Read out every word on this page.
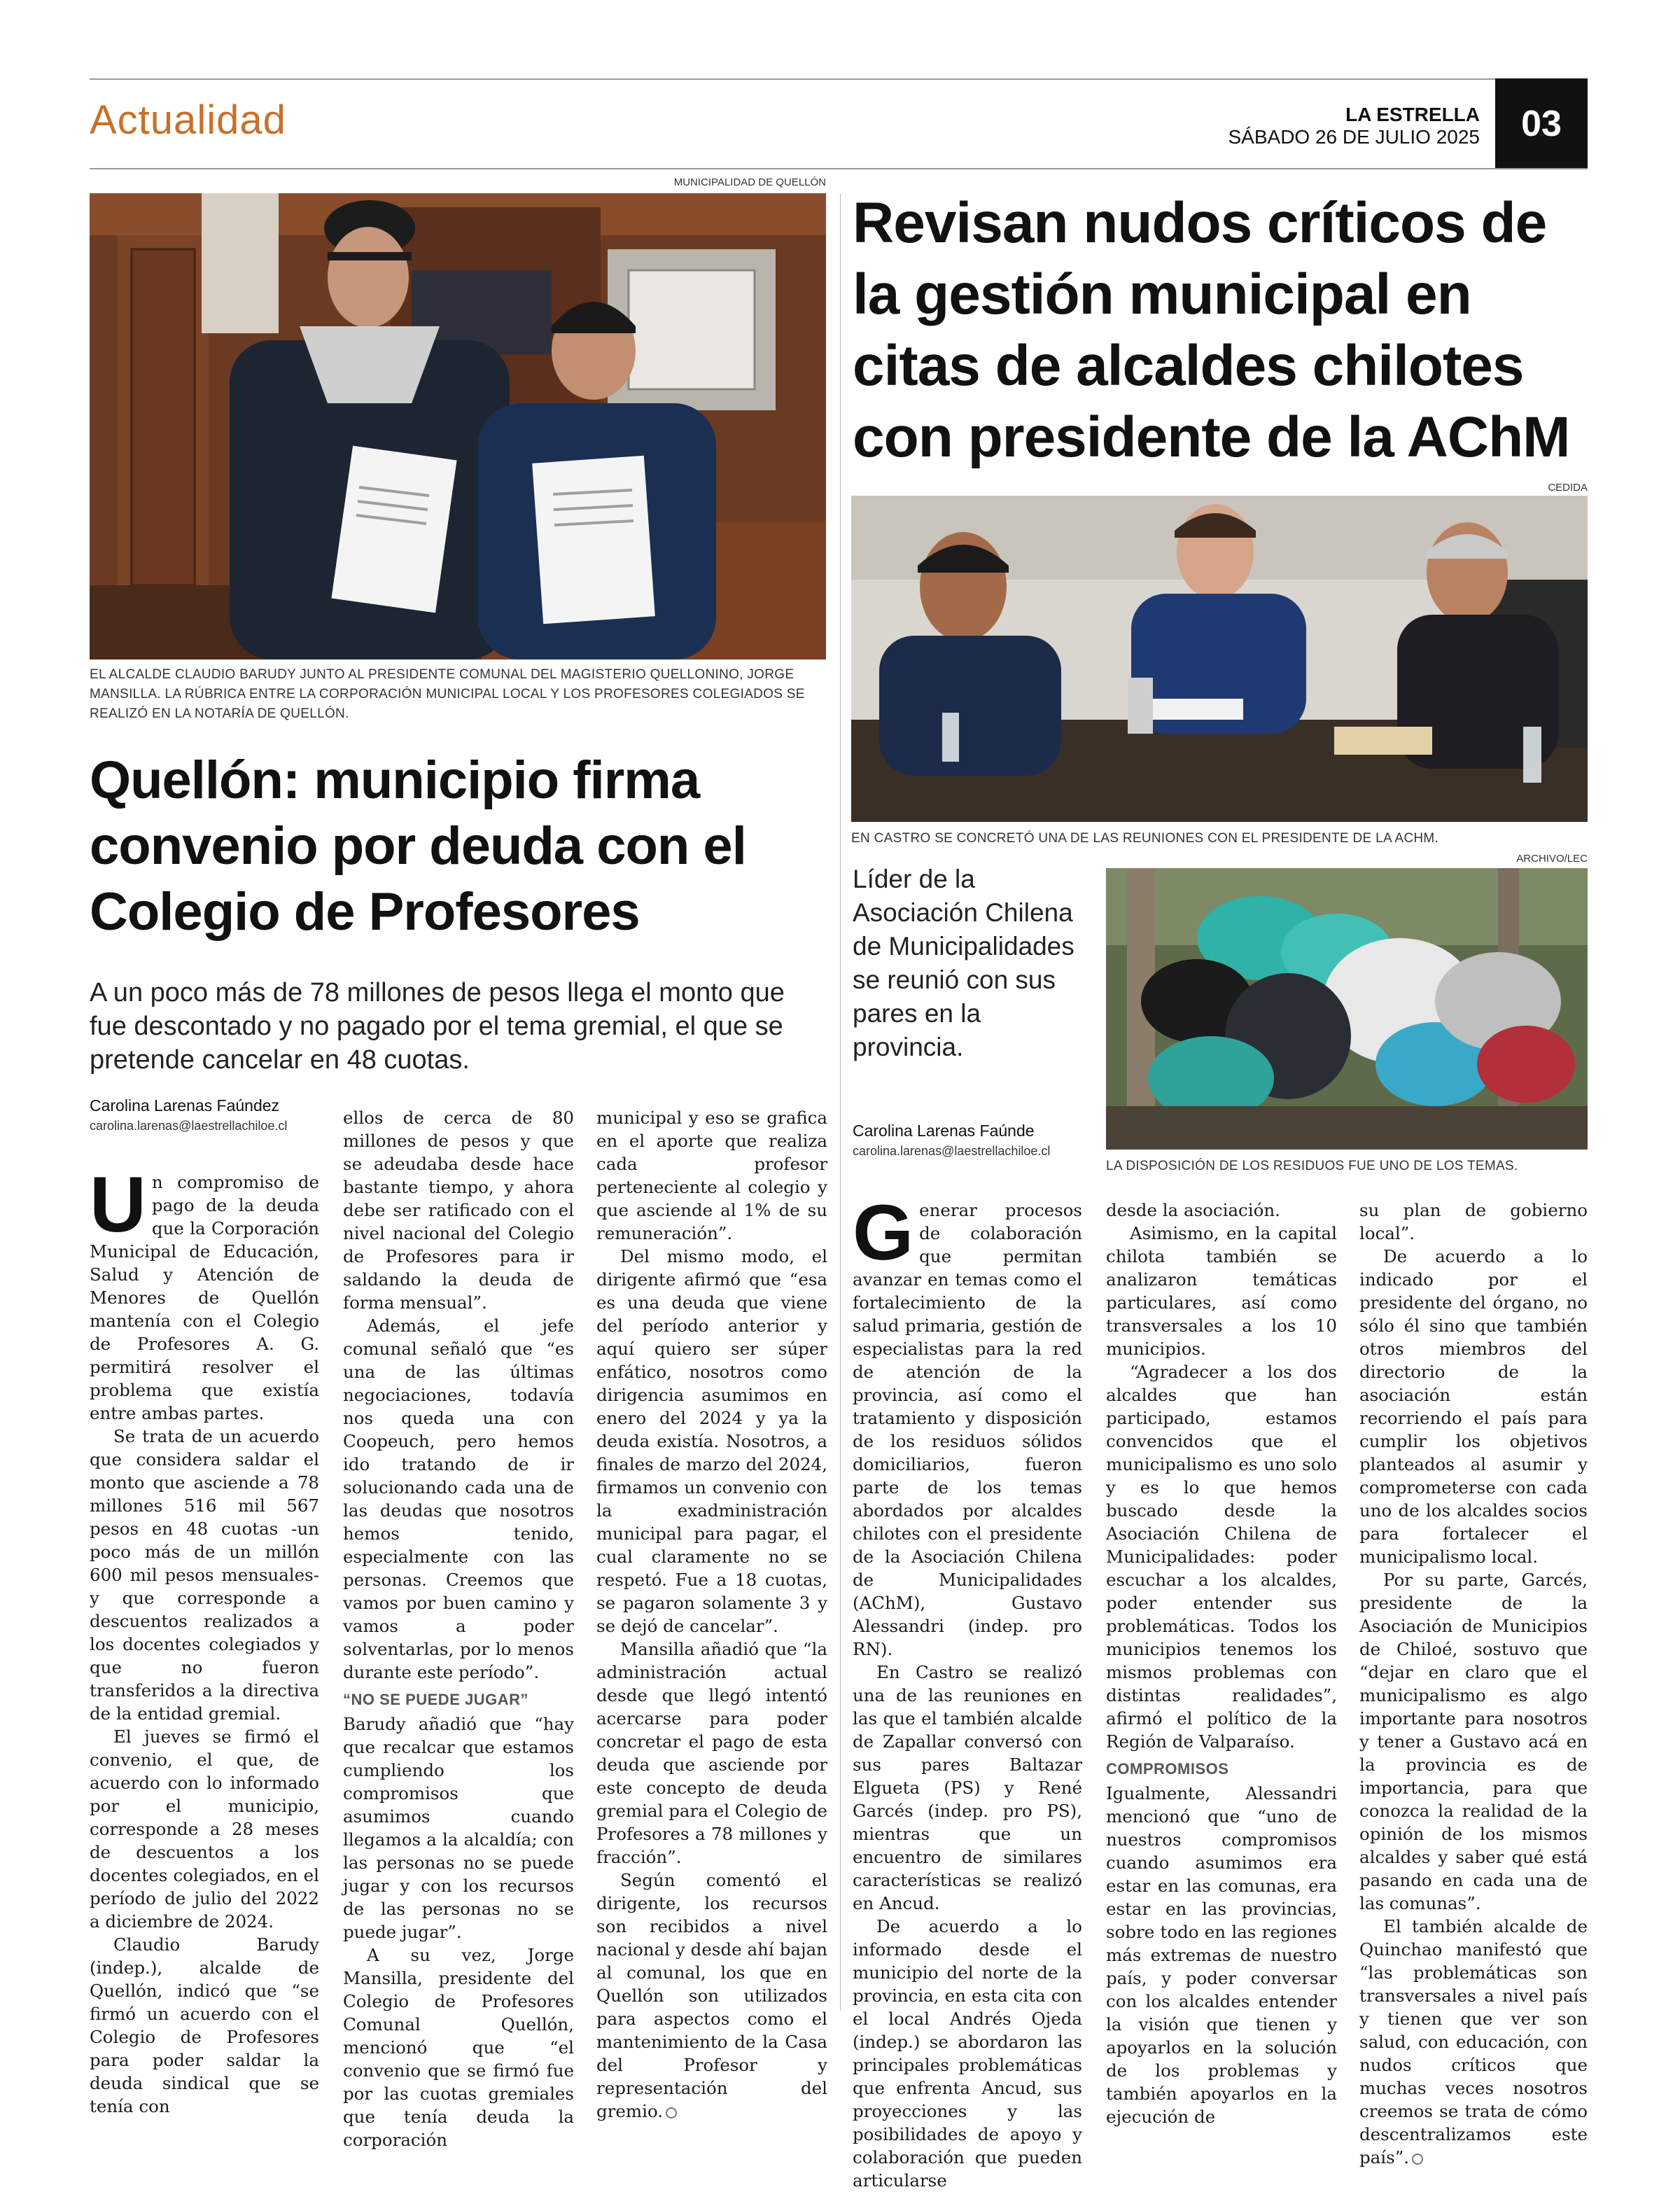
Actualidad	LA ESTRELLA
SÁBADO 26 DE JULIO 2025	03
MUNICIPALIDAD DE QUELLÓN
EL ALCALDE CLAUDIO BARUDY JUNTO AL PRESIDENTE COMUNAL DEL MAGISTERIO QUELLONINO, JORGE MANSILLA. LA RÚBRICA ENTRE LA CORPORACIÓN MUNICIPAL LOCAL Y LOS PROFESORES COLEGIADOS SE REALIZÓ EN LA NOTARÍA DE QUELLÓN.
Quellón: municipio firma convenio por deuda con el Colegio de Profesores
A un poco más de 78 millones de pesos llega el monto que fue descontado y no pagado por el tema gremial, el que se pretende cancelar en 48 cuotas.
Carolina Larenas Faúndez
carolina.larenas@laestrellachiloe.cl

Un compromiso de pago de la deuda que la Corporación Municipal de Educación, Salud y Atención de Menores de Quellón mantenía con el Colegio de Profesores A. G. permitirá resolver el problema que existía entre ambas partes.

Se trata de un acuerdo que considera saldar el monto que asciende a 78 millones 516 mil 567 pesos en 48 cuotas -un poco más de un millón 600 mil pesos mensuales- y que corresponde a descuentos realizados a los docentes colegiados y que no fueron transferidos a la directiva de la entidad gremial.

El jueves se firmó el convenio, el que, de acuerdo con lo informado por el municipio, corresponde a 28 meses de descuentos a los docentes colegiados, en el período de julio del 2022 a diciembre de 2024.

Claudio Barudy (indep.), alcalde de Quellón, indicó que “se firmó un acuerdo con el Colegio de Profesores para poder saldar la deuda sindical que se tenía con

ellos de cerca de 80 millones de pesos y que se adeudaba desde hace bastante tiempo, y ahora debe ser ratificado con el nivel nacional del Colegio de Profesores para ir saldando la deuda de forma mensual”.

Además, el jefe comunal señaló que “es una de las últimas negociaciones, todavía nos queda una con Coopeuch, pero hemos ido tratando de ir solucionando cada una de las deudas que nosotros hemos tenido, especialmente con las personas. Creemos que vamos por buen camino y vamos a poder solventarlas, por lo menos durante este período”.

“NO SE PUEDE JUGAR”

Barudy añadió que “hay que recalcar que estamos cumpliendo los compromisos que asumimos cuando llegamos a la alcaldía; con las personas no se puede jugar y con los recursos de las personas no se puede jugar”.

A su vez, Jorge Mansilla, presidente del Colegio de Profesores Comunal Quellón, mencionó que “el convenio que se firmó fue por las cuotas gremiales que tenía deuda la corporación

municipal y eso se grafica en el aporte que realiza cada profesor perteneciente al colegio y que asciende al 1% de su remuneración”.

Del mismo modo, el dirigente afirmó que “esa es una deuda que viene del período anterior y aquí quiero ser súper enfático, nosotros como dirigencia asumimos en enero del 2024 y ya la deuda existía. Nosotros, a finales de marzo del 2024, firmamos un convenio con la exadministración municipal para pagar, el cual claramente no se respetó. Fue a 18 cuotas, se pagaron solamente 3 y se dejó de cancelar”.

Mansilla añadió que “la administración actual desde que llegó intentó acercarse para poder concretar el pago de esta deuda que asciende por este concepto de deuda gremial para el Colegio de Profesores a 78 millones y fracción”.

Según comentó el dirigente, los recursos son recibidos a nivel nacional y desde ahí bajan al comunal, los que en Quellón son utilizados para aspectos como el mantenimiento de la Casa del Profesor y representación del gremio.

Revisan nudos críticos de la gestión municipal en citas de alcaldes chilotes con presidente de la AChM
CEDIDA
EN CASTRO SE CONCRETÓ UNA DE LAS REUNIONES CON EL PRESIDENTE DE LA ACHM.
ARCHIVO/LEC
Líder de la Asociación Chilena de Municipalidades se reunió con sus pares en la provincia.
LA DISPOSICIÓN DE LOS RESIDUOS FUE UNO DE LOS TEMAS.
Carolina Larenas Faúnde
carolina.larenas@laestrellachiloe.cl

Generar procesos de colaboración que permitan avanzar en temas como el fortalecimiento de la salud primaria, gestión de especialistas para la red de atención de la provincia, así como el tratamiento y disposición de los residuos sólidos domiciliarios, fueron parte de los temas abordados por alcaldes chilotes con el presidente de la Asociación Chilena de Municipalidades (AChM), Gustavo Alessandri (indep. pro RN).

En Castro se realizó una de las reuniones en las que el también alcalde de Zapallar conversó con sus pares Baltazar Elgueta (PS) y René Garcés (indep. pro PS), mientras que un encuentro de similares características se realizó en Ancud.

De acuerdo a lo informado desde el municipio del norte de la provincia, en esta cita con el local Andrés Ojeda (indep.) se abordaron las principales problemáticas que enfrenta Ancud, sus proyecciones y las posibilidades de apoyo y colaboración que pueden articularse

desde la asociación.

Asimismo, en la capital chilota también se analizaron temáticas particulares, así como transversales a los 10 municipios.

“Agradecer a los dos alcaldes que han participado, estamos convencidos que el municipalismo es uno solo y es lo que hemos buscado desde la Asociación Chilena de Municipalidades: poder escuchar a los alcaldes, poder entender sus problemáticas. Todos los municipios tenemos los mismos problemas con distintas realidades”, afirmó el político de la Región de Valparaíso.

COMPROMISOS

Igualmente, Alessandri mencionó que “uno de nuestros compromisos cuando asumimos era estar en las comunas, era estar en las provincias, sobre todo en las regiones más extremas de nuestro país, y poder conversar con los alcaldes entender la visión que tienen y apoyarlos en la solución de los problemas y también apoyarlos en la ejecución de

su plan de gobierno local”.

De acuerdo a lo indicado por el presidente del órgano, no sólo él sino que también otros miembros del directorio de la asociación están recorriendo el país para cumplir los objetivos planteados al asumir y comprometerse con cada uno de los alcaldes socios para fortalecer el municipalismo local.

Por su parte, Garcés, presidente de la Asociación de Municipios de Chiloé, sostuvo que “dejar en claro que el municipalismo es algo importante para nosotros y tener a Gustavo acá en la provincia es de importancia, para que conozca la realidad de la opinión de los mismos alcaldes y saber qué está pasando en cada una de las comunas”.

El también alcalde de Quinchao manifestó que “las problemáticas son transversales a nivel país y tienen que ver son salud, con educación, con nudos críticos que muchas veces nosotros creemos se trata de cómo descentralizamos este país”.
